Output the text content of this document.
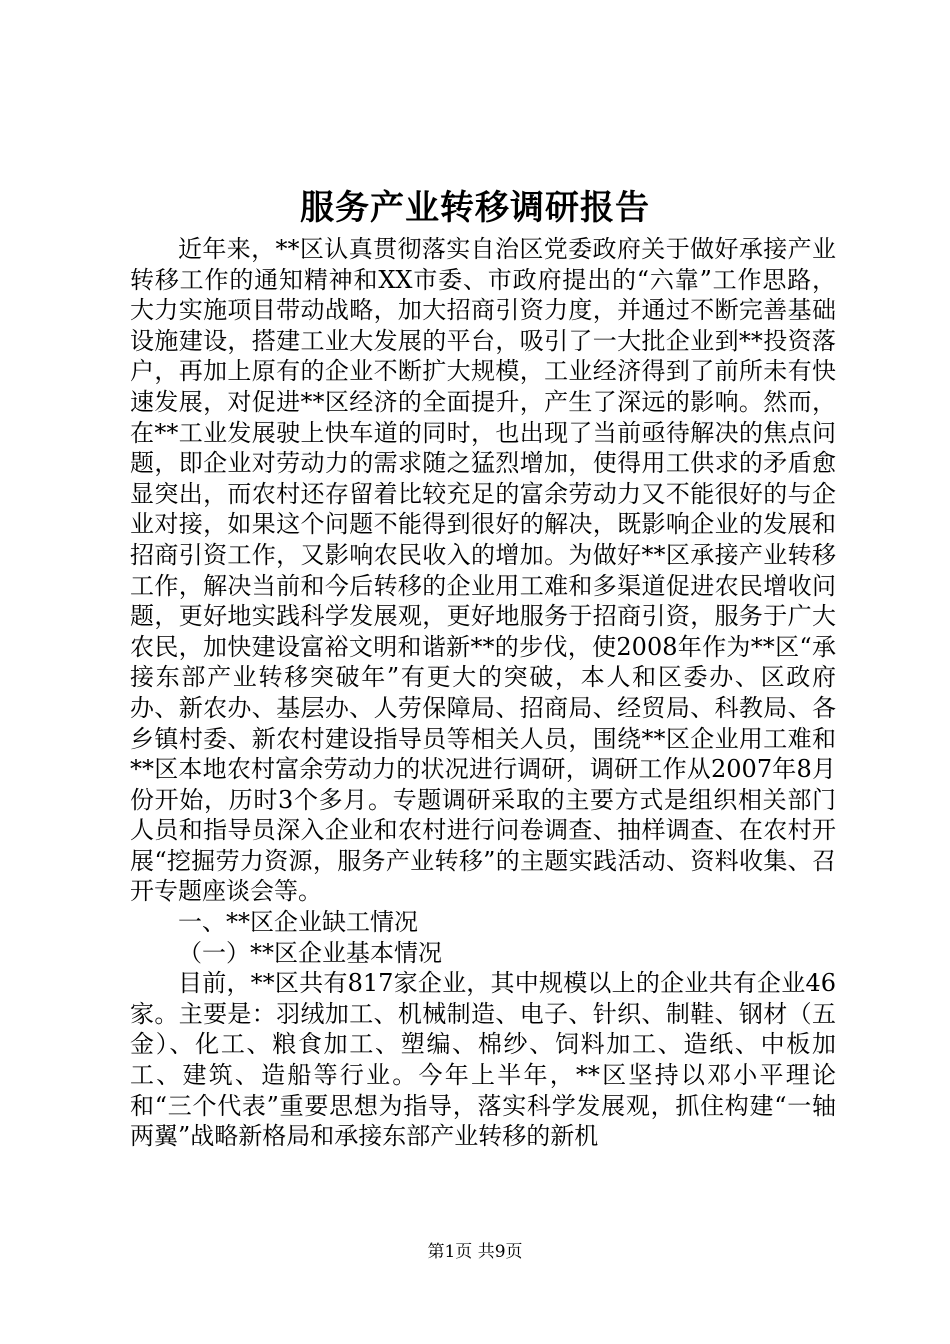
服务产业转移调研报告

近年来，**区认真贯彻落实自治区党委政府关于做好承接产业转移工作的通知精神和XX市委、市政府提出的“六靠”工作思路，大力实施项目带动战略，加大招商引资力度，并通过不断完善基础设施建设，搭建工业大发展的平台，吸引了一大批企业到**投资落户，再加上原有的企业不断扩大规模，工业经济得到了前所未有快速发展，对促进**区经济的全面提升，产生了深远的影响。然而，在**工业发展驶上快车道的同时，也出现了当前亟待解决的焦点问题，即企业对劳动力的需求随之猛烈增加，使得用工供求的矛盾愈显突出，而农村还存留着比较充足的富余劳动力又不能很好的与企业对接，如果这个问题不能得到很好的解决，既影响企业的发展和招商引资工作，又影响农民收入的增加。为做好**区承接产业转移工作，解决当前和今后转移的企业用工难和多渠道促进农民增收问题，更好地实践科学发展观，更好地服务于招商引资，服务于广大农民，加快建设富裕文明和谐新**的步伐，使2008年作为**区“承接东部产业转移突破年”有更大的突破，本人和区委办、区政府办、新农办、基层办、人劳保障局、招商局、经贸局、科教局、各乡镇村委、新农村建设指导员等相关人员，围绕**区企业用工难和**区本地农村富余劳动力的状况进行调研，调研工作从2007年8月份开始，历时3个多月。专题调研采取的主要方式是组织相关部门人员和指导员深入企业和农村进行问卷调查、抽样调查、在农村开展“挖掘劳力资源，服务产业转移”的主题实践活动、资料收集、召开专题座谈会等。

一、**区企业缺工情况

（一）**区企业基本情况

目前，**区共有817家企业，其中规模以上的企业共有企业46家。主要是：羽绒加工、机械制造、电子、针织、制鞋、钢材（五金）、化工、粮食加工、塑编、棉纱、饲料加工、造纸、中板加工、建筑、造船等行业。今年上半年，**区坚持以邓小平理论和“三个代表”重要思想为指导，落实科学发展观，抓住构建“一轴两翼”战略新格局和承接东部产业转移的新机

第1页 共9页
